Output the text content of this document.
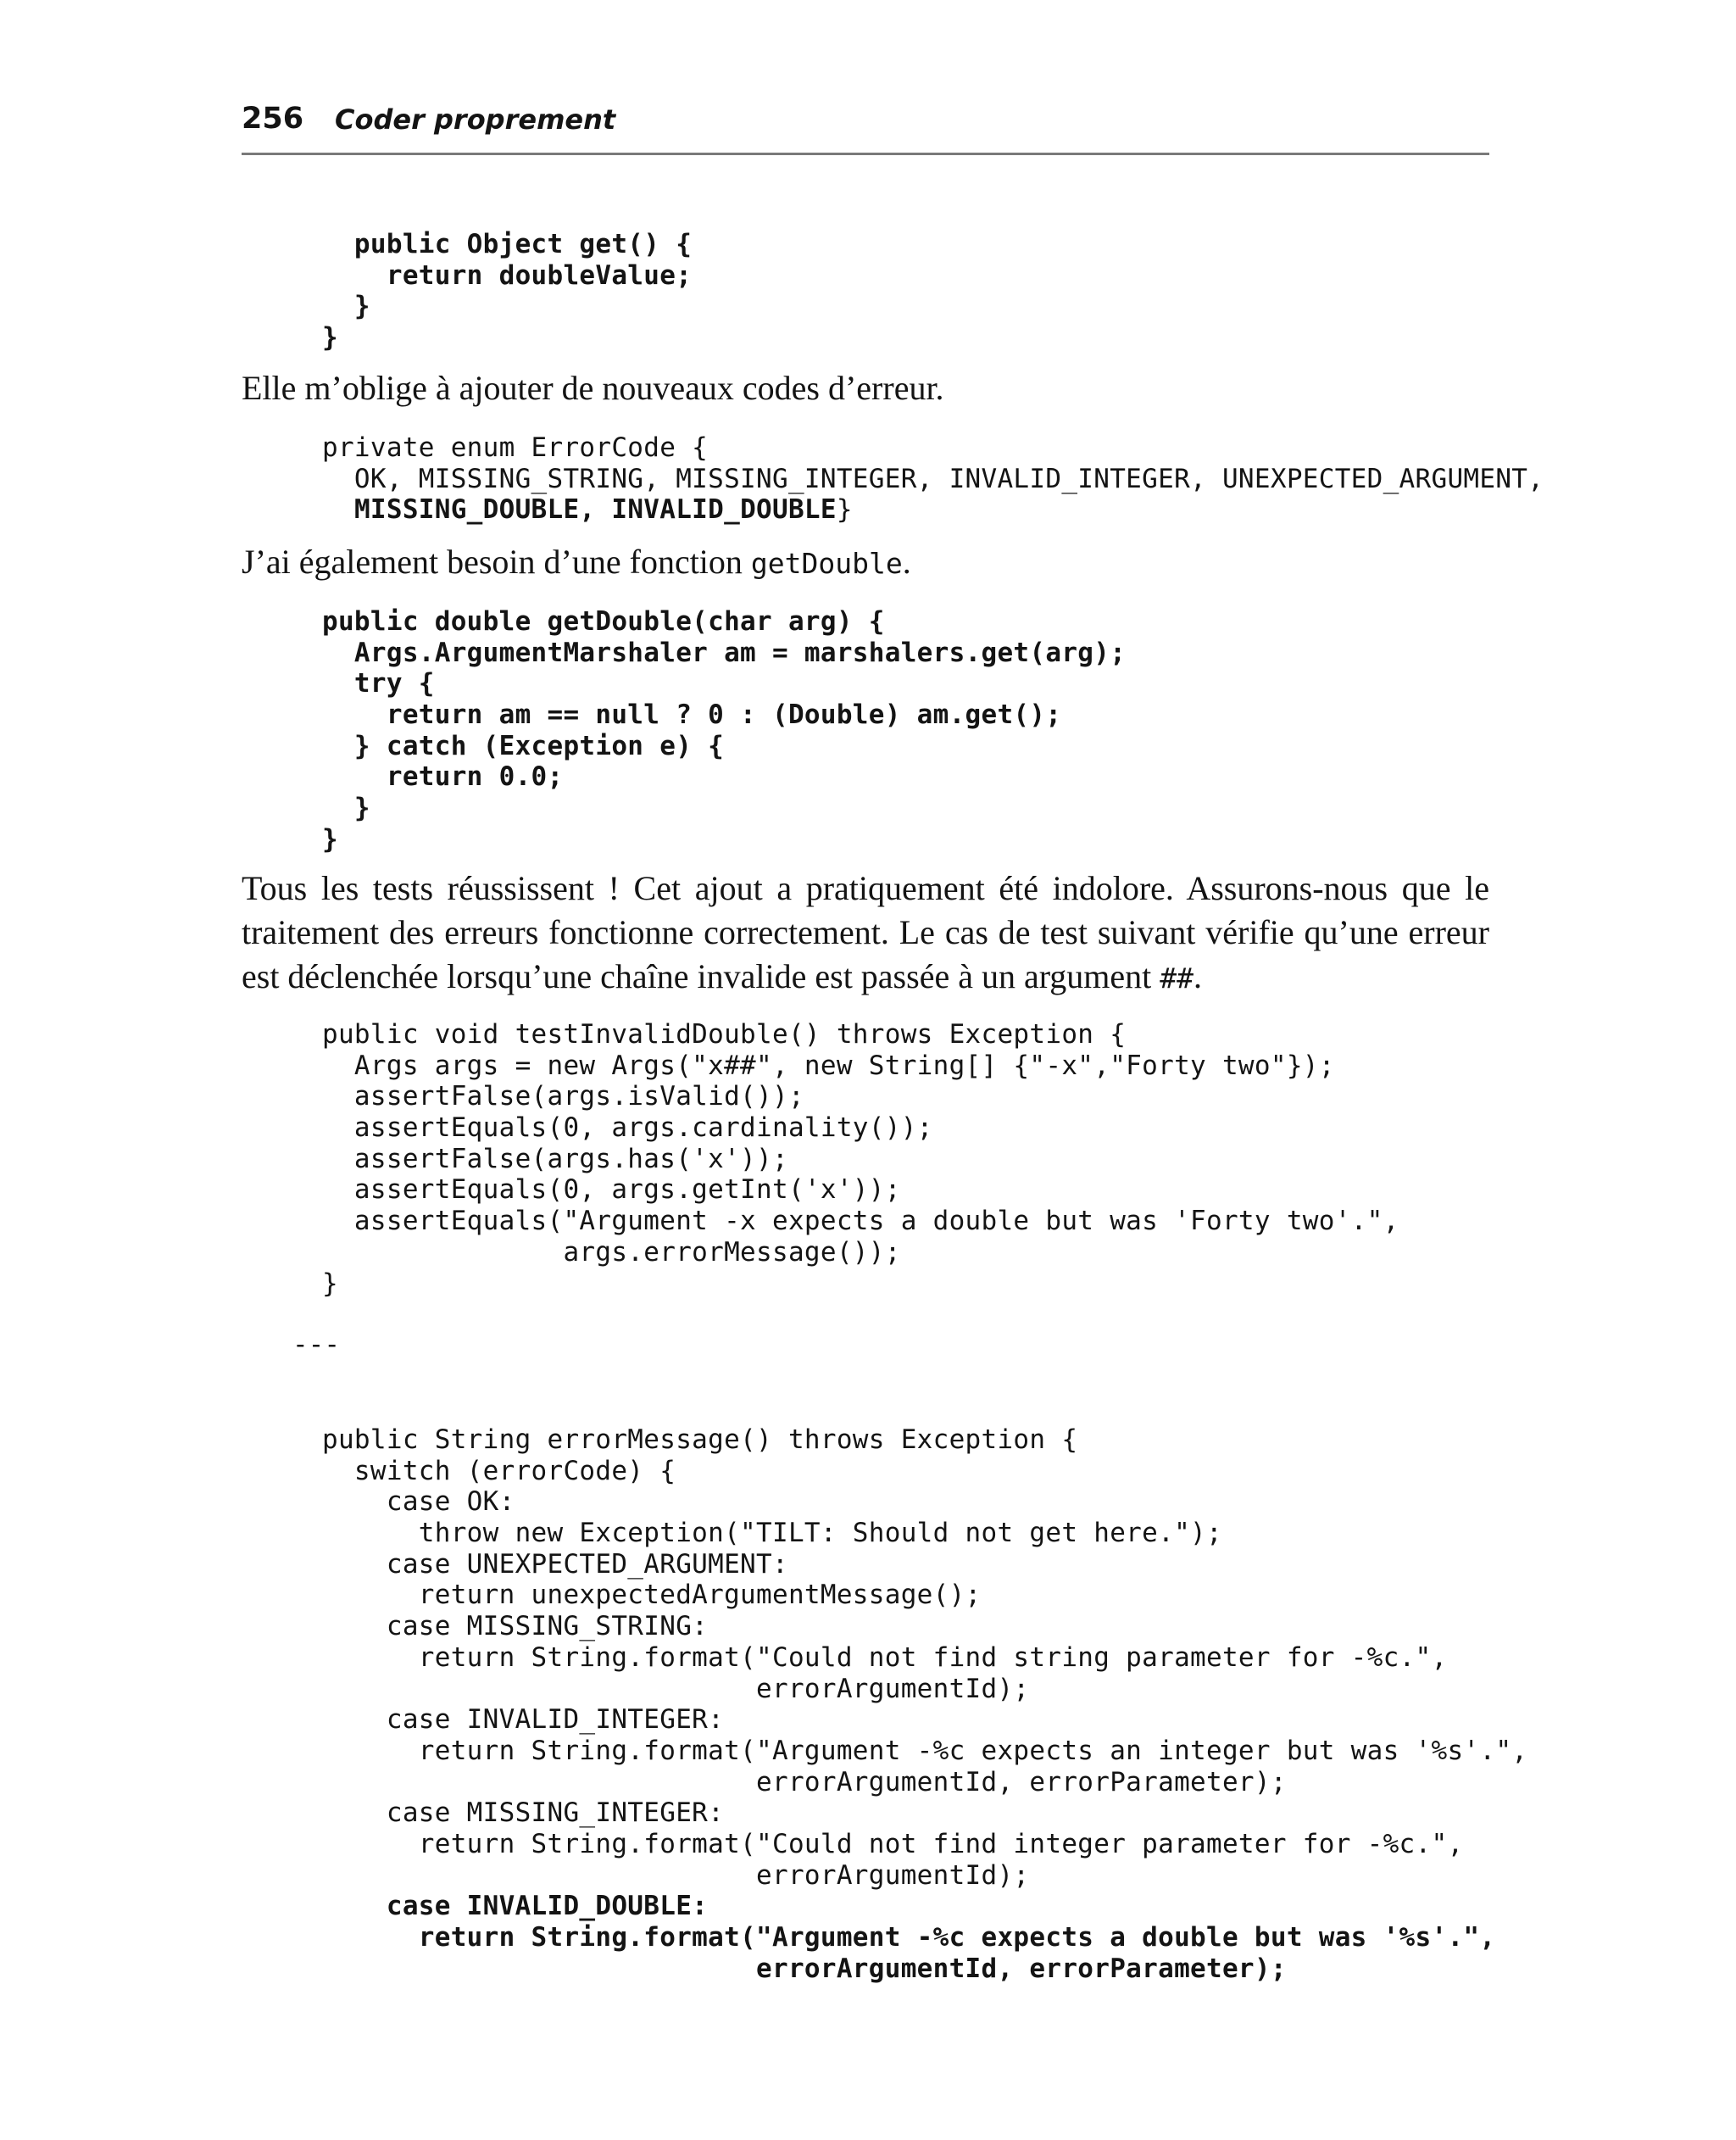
256 Coder proprement
public Object get() {
return doubleValue;
}
}

Elle m’oblige à ajouter de nouveaux codes d’erreur.

private enum ErrorCode {
OK, MISSING_STRING, MISSING_INTEGER, INVALID_INTEGER, UNEXPECTED_ARGUMENT,
MISSING_DOUBLE, INVALID_DOUBLE}

J’ai également besoin d’une fonction getDouble.

public double getDouble(char arg) {
Args.ArgumentMarshaler am = marshalers.get(arg);
try {
return am == null ? 0 : (Double) am.get();
} catch (Exception e) {
return 0.0;
}
}

Tous les tests réussissent ! Cet ajout a pratiquement été indolore. Assurons-nous que le traitement des erreurs fonctionne correctement. Le cas de test suivant vérifie qu’une erreur est déclenchée lorsqu’une chaîne invalide est passée à un argument ##.

public void testInvalidDouble() throws Exception {
Args args = new Args("x##", new String[] {"-x","Forty two"});
assertFalse(args.isValid());
assertEquals(0, args.cardinality());
assertFalse(args.has('x'));
assertEquals(0, args.getInt('x'));
assertEquals("Argument -x expects a double but was 'Forty two'.",
args.errorMessage());
}

---

public String errorMessage() throws Exception {
switch (errorCode) {
case OK:
throw new Exception("TILT: Should not get here.");
case UNEXPECTED_ARGUMENT:
return unexpectedArgumentMessage();
case MISSING_STRING:
return String.format("Could not find string parameter for -%c.",
errorArgumentId);
case INVALID_INTEGER:
return String.format("Argument -%c expects an integer but was '%s'.",
errorArgumentId, errorParameter);
case MISSING_INTEGER:
return String.format("Could not find integer parameter for -%c.",
errorArgumentId);
case INVALID_DOUBLE:
return String.format("Argument -%c expects a double but was '%s'.",
errorArgumentId, errorParameter);
